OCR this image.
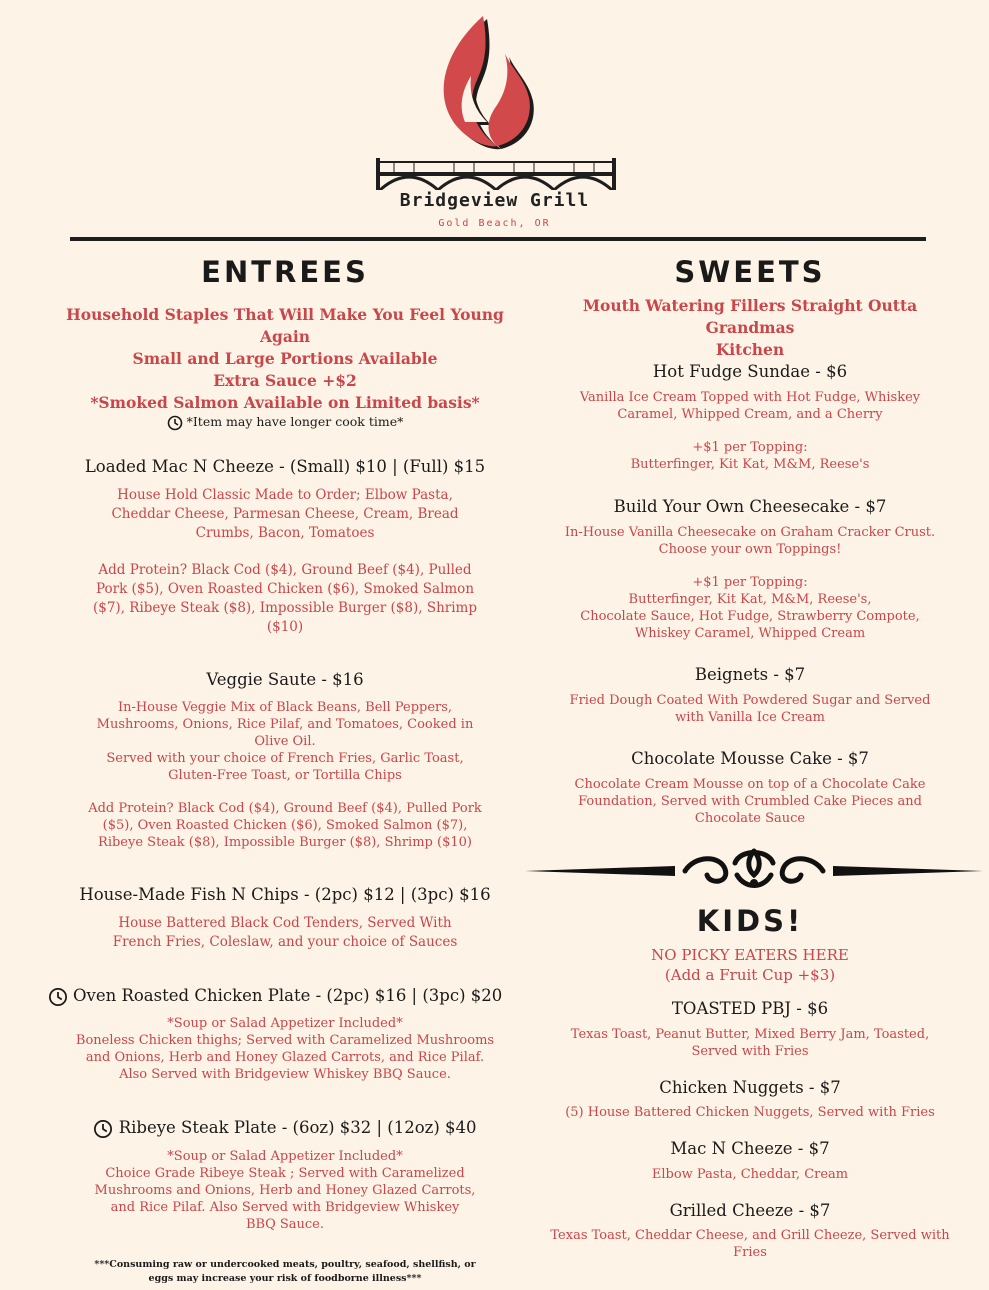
Bridgeview Grill
Gold Beach, OR
ENTREES
Household Staples That Will Make You Feel Young Again
Small and Large Portions Available
Extra Sauce +$2
*Smoked Salmon Available on Limited basis*
*Item may have longer cook time*
Loaded Mac N Cheeze - (Small) $10 | (Full) $15
House Hold Classic Made to Order; Elbow Pasta,
Cheddar Cheese, Parmesan Cheese, Cream, Bread
Crumbs, Bacon, Tomatoes
Add Protein? Black Cod ($4), Ground Beef ($4), Pulled
Pork ($5), Oven Roasted Chicken ($6), Smoked Salmon
($7), Ribeye Steak ($8), Impossible Burger ($8), Shrimp
($10)
Veggie Saute - $16
In-House Veggie Mix of Black Beans, Bell Peppers,
Mushrooms, Onions, Rice Pilaf, and Tomatoes, Cooked in
Olive Oil.
Served with your choice of French Fries, Garlic Toast,
Gluten-Free Toast, or Tortilla Chips
Add Protein? Black Cod ($4), Ground Beef ($4), Pulled Pork
($5), Oven Roasted Chicken ($6), Smoked Salmon ($7),
Ribeye Steak ($8), Impossible Burger ($8), Shrimp ($10)
House-Made Fish N Chips - (2pc) $12 | (3pc) $16
House Battered Black Cod Tenders, Served With
French Fries, Coleslaw, and your choice of Sauces
Oven Roasted Chicken Plate - (2pc) $16 | (3pc) $20
*Soup or Salad Appetizer Included*
Boneless Chicken thighs; Served with Caramelized Mushrooms
and Onions, Herb and Honey Glazed Carrots, and Rice Pilaf.
Also Served with Bridgeview Whiskey BBQ Sauce.
Ribeye Steak Plate - (6oz) $32 | (12oz) $40
*Soup or Salad Appetizer Included*
Choice Grade Ribeye Steak ; Served with Caramelized
Mushrooms and Onions, Herb and Honey Glazed Carrots,
and Rice Pilaf. Also Served with Bridgeview Whiskey
BBQ Sauce.
***Consuming raw or undercooked meats, poultry, seafood, shellfish, or
eggs may increase your risk of foodborne illness***
SWEETS
Mouth Watering Fillers Straight Outta Grandmas
Kitchen
Hot Fudge Sundae - $6
Vanilla Ice Cream Topped with Hot Fudge, Whiskey
Caramel, Whipped Cream, and a Cherry
+$1 per Topping:
Butterfinger, Kit Kat, M&M, Reese's
Build Your Own Cheesecake - $7
In-House Vanilla Cheesecake on Graham Cracker Crust.
Choose your own Toppings!
+$1 per Topping:
Butterfinger, Kit Kat, M&M, Reese's,
Chocolate Sauce, Hot Fudge, Strawberry Compote,
Whiskey Caramel, Whipped Cream
Beignets - $7
Fried Dough Coated With Powdered Sugar and Served
with Vanilla Ice Cream
Chocolate Mousse Cake - $7
Chocolate Cream Mousse on top of a Chocolate Cake
Foundation, Served with Crumbled Cake Pieces and
Chocolate Sauce
KIDS!
NO PICKY EATERS HERE
(Add a Fruit Cup +$3)
TOASTED PBJ - $6
Texas Toast, Peanut Butter, Mixed Berry Jam, Toasted,
Served with Fries
Chicken Nuggets - $7
(5) House Battered Chicken Nuggets, Served with Fries
Mac N Cheeze - $7
Elbow Pasta, Cheddar, Cream
Grilled Cheeze - $7
Texas Toast, Cheddar Cheese, and Grill Cheeze, Served with
Fries
